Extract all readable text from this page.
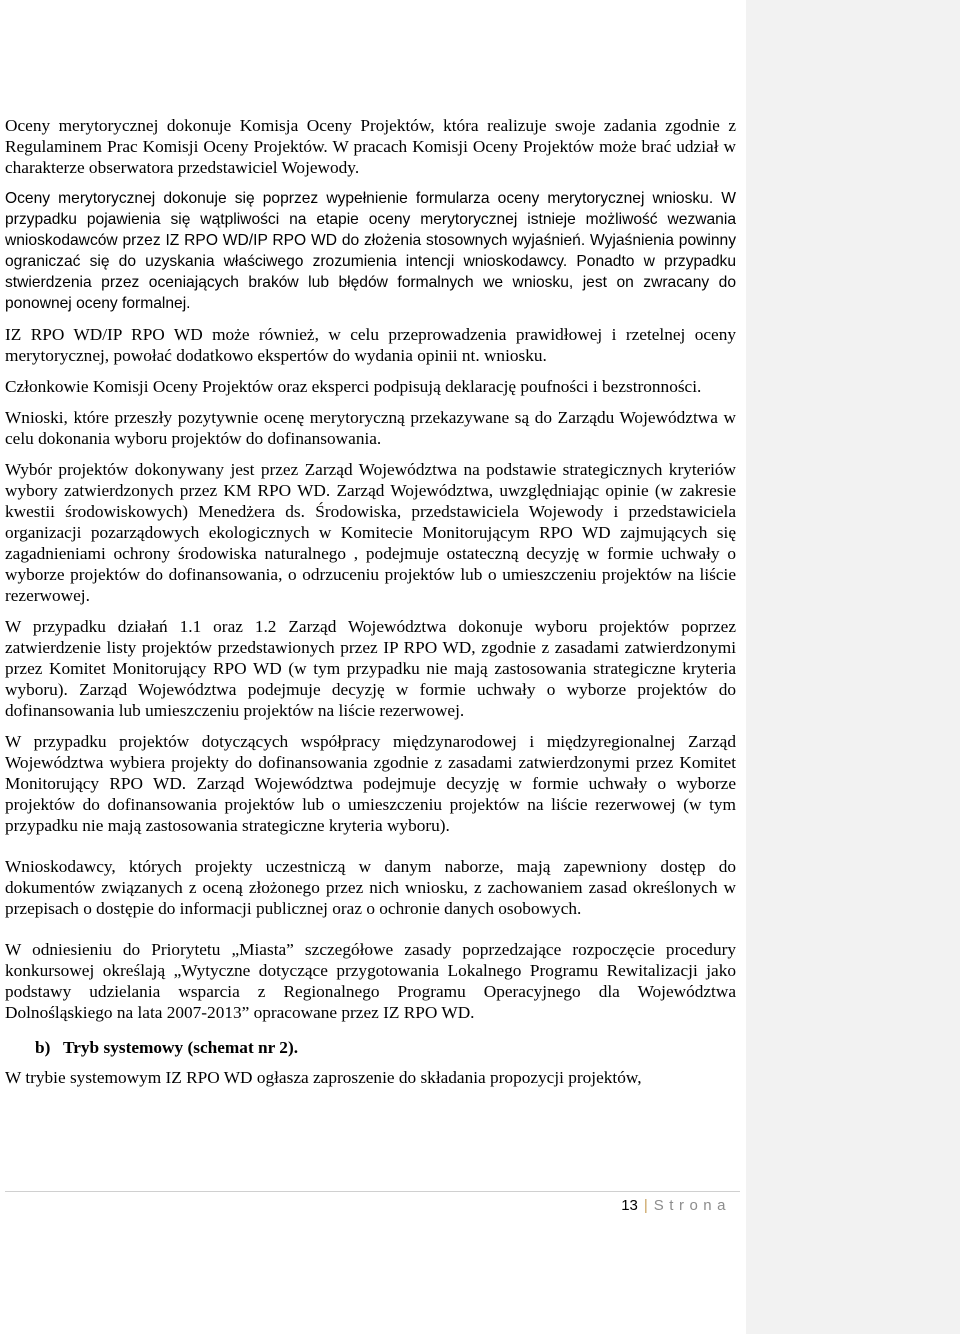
Oceny merytorycznej dokonuje Komisja Oceny Projektów, która realizuje swoje zadania zgodnie z Regulaminem Prac Komisji Oceny Projektów. W pracach Komisji Oceny Projektów może brać udział w charakterze obserwatora przedstawiciel Wojewody.

Oceny merytorycznej dokonuje się poprzez wypełnienie formularza oceny merytorycznej wniosku. W przypadku pojawienia się wątpliwości na etapie oceny merytorycznej istnieje możliwość wezwania wnioskodawców przez IZ RPO WD/IP RPO WD do złożenia stosownych wyjaśnień. Wyjaśnienia powinny ograniczać się do uzyskania właściwego zrozumienia intencji wnioskodawcy. Ponadto w przypadku stwierdzenia przez oceniających braków lub błędów formalnych we wniosku, jest on zwracany do ponownej oceny formalnej.

IZ RPO WD/IP RPO WD może również, w celu przeprowadzenia prawidłowej i rzetelnej oceny merytorycznej, powołać dodatkowo ekspertów do wydania opinii nt. wniosku.

Członkowie Komisji Oceny Projektów oraz eksperci podpisują deklarację poufności i bezstronności.

Wnioski, które przeszły pozytywnie ocenę merytoryczną przekazywane są do Zarządu Województwa w celu dokonania wyboru projektów do dofinansowania.

Wybór projektów dokonywany jest przez Zarząd Województwa na podstawie strategicznych kryteriów wybory zatwierdzonych przez KM RPO WD. Zarząd Województwa, uwzględniając opinie (w zakresie kwestii środowiskowych) Menedżera ds. Środowiska, przedstawiciela Wojewody i przedstawiciela organizacji pozarządowych ekologicznych w Komitecie Monitorującym RPO WD zajmujących się zagadnieniami ochrony środowiska naturalnego , podejmuje ostateczną decyzję w formie uchwały o wyborze projektów do dofinansowania, o odrzuceniu projektów lub o umieszczeniu projektów na liście rezerwowej.

W przypadku działań 1.1 oraz 1.2 Zarząd Województwa dokonuje wyboru projektów poprzez zatwierdzenie listy projektów przedstawionych przez IP RPO WD, zgodnie z zasadami zatwierdzonymi przez Komitet Monitorujący RPO WD (w tym przypadku nie mają zastosowania strategiczne kryteria wyboru). Zarząd Województwa podejmuje decyzję w formie uchwały o wyborze projektów do dofinansowania lub umieszczeniu projektów na liście rezerwowej.

W przypadku projektów dotyczących współpracy międzynarodowej i międzyregionalnej Zarząd Województwa wybiera projekty do dofinansowania zgodnie z zasadami zatwierdzonymi przez Komitet Monitorujący RPO WD. Zarząd Województwa podejmuje decyzję w formie uchwały o wyborze projektów do dofinansowania projektów lub o umieszczeniu projektów na liście rezerwowej (w tym przypadku nie mają zastosowania strategiczne kryteria wyboru).

Wnioskodawcy, których projekty uczestniczą w danym naborze, mają zapewniony dostęp do dokumentów związanych z oceną złożonego przez nich wniosku, z zachowaniem zasad określonych w przepisach o dostępie do informacji publicznej oraz o ochronie danych osobowych.

W odniesieniu do Priorytetu „Miasta” szczegółowe zasady poprzedzające rozpoczęcie procedury konkursowej określają „Wytyczne dotyczące przygotowania Lokalnego Programu Rewitalizacji jako podstawy udzielania wsparcia z Regionalnego Programu Operacyjnego dla Województwa Dolnośląskiego na lata 2007-2013” opracowane przez IZ RPO WD.

b) Tryb systemowy (schemat nr 2).

W trybie systemowym IZ RPO WD ogłasza zaproszenie do składania propozycji projektów,

13 | Strona
